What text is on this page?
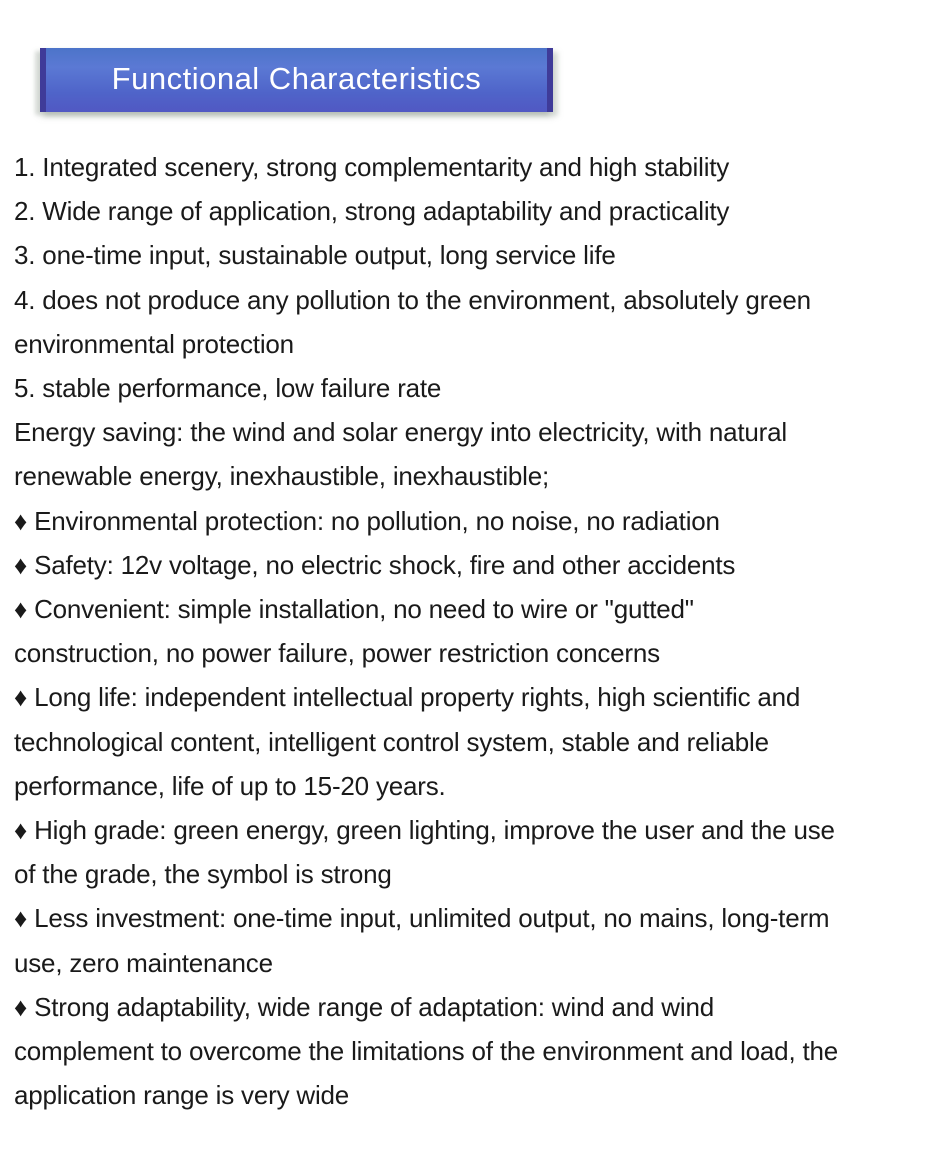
Functional Characteristics
1. Integrated scenery, strong complementarity and high stability
2. Wide range of application, strong adaptability and practicality
3. one-time input, sustainable output, long service life
4. does not produce any pollution to the environment, absolutely green
environmental protection
5. stable performance, low failure rate
Energy saving: the wind and solar energy into electricity, with natural
renewable energy, inexhaustible, inexhaustible;
♦ Environmental protection: no pollution, no noise, no radiation
♦ Safety: 12v voltage, no electric shock, fire and other accidents
♦ Convenient: simple installation, no need to wire or "gutted"
construction, no power failure, power restriction concerns
♦ Long life: independent intellectual property rights, high scientific and
technological content, intelligent control system, stable and reliable
performance, life of up to 15-20 years.
♦ High grade: green energy, green lighting, improve the user and the use
of the grade, the symbol is strong
♦ Less investment: one-time input, unlimited output, no mains, long-term
use, zero maintenance
♦ Strong adaptability, wide range of adaptation: wind and wind
complement to overcome the limitations of the environment and load, the
application range is very wide
